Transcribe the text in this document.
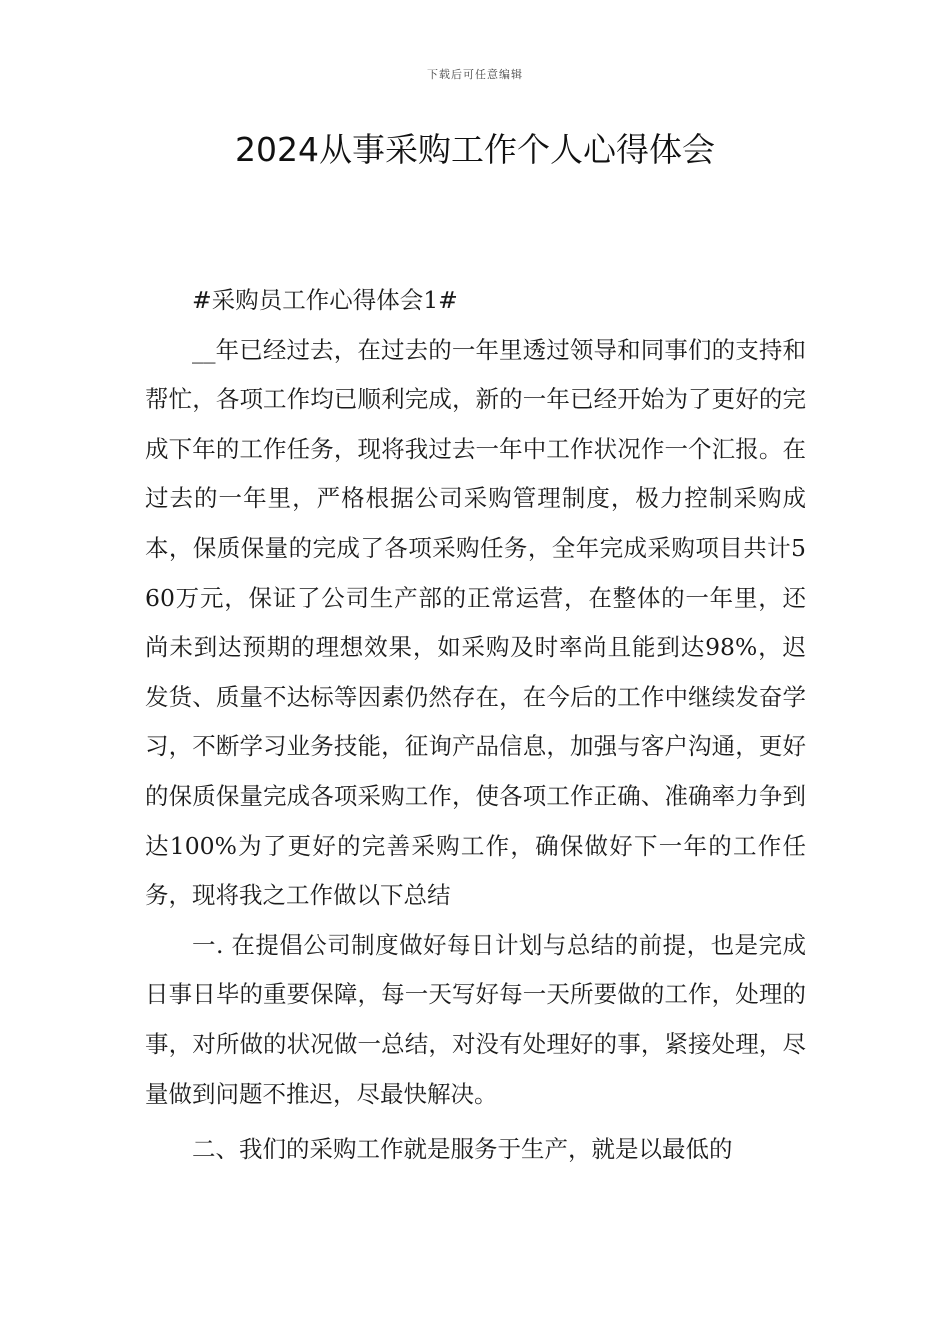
下载后可任意编辑
2024从事采购工作个人心得体会

#采购员工作心得体会1#

__年已经过去，在过去的一年里透过领导和同事们的支持和帮忙，各项工作均已顺利完成，新的一年已经开始为了更好的完成下年的工作任务，现将我过去一年中工作状况作一个汇报。在过去的一年里，严格根据公司采购管理制度，极力控制采购成本，保质保量的完成了各项采购任务，全年完成采购项目共计560万元，保证了公司生产部的正常运营，在整体的一年里，还尚未到达预期的理想效果，如采购及时率尚且能到达98%，迟发货、质量不达标等因素仍然存在，在今后的工作中继续发奋学习，不断学习业务技能，征询产品信息，加强与客户沟通，更好的保质保量完成各项采购工作，使各项工作正确、准确率力争到达100%为了更好的完善采购工作，确保做好下一年的工作任务，现将我之工作做以下总结

一. 在提倡公司制度做好每日计划与总结的前提，也是完成日事日毕的重要保障，每一天写好每一天所要做的工作，处理的事，对所做的状况做一总结，对没有处理好的事，紧接处理，尽量做到问题不推迟，尽最快解决。

二、我们的采购工作就是服务于生产，就是以最低的
